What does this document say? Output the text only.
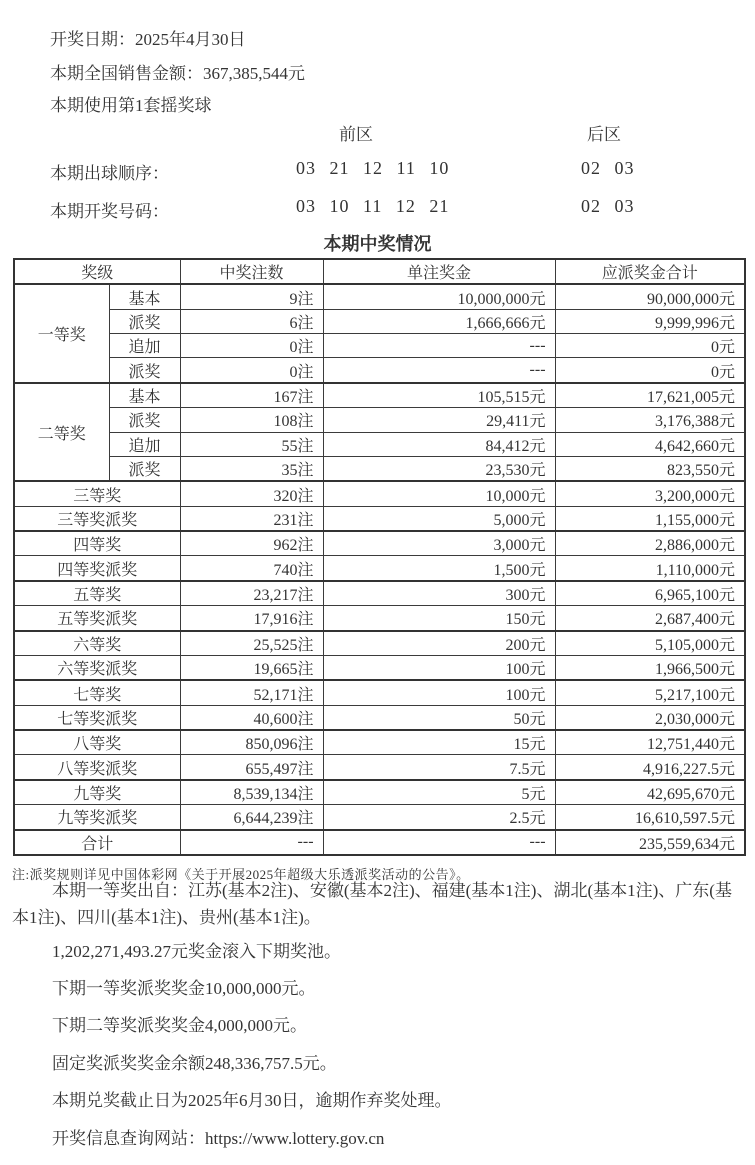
开奖日期：2025年4月30日
本期全国销售金额：367,385,544元
本期使用第1套摇奖球
前区	后区
本期出球顺序：	03 21 12 11 10	02 03
本期开奖号码：	03 10 11 12 21	02 03
本期中奖情况
奖级		中奖注数	单注奖金	应派奖金合计
一等奖	基本	9注	10,000,000元	90,000,000元
	派奖	6注	1,666,666元	9,999,996元
	追加	0注	---	0元
	派奖	0注	---	0元
二等奖	基本	167注	105,515元	17,621,005元
	派奖	108注	29,411元	3,176,388元
	追加	55注	84,412元	4,642,660元
	派奖	35注	23,530元	823,550元
三等奖		320注	10,000元	3,200,000元
三等奖派奖		231注	5,000元	1,155,000元
四等奖		962注	3,000元	2,886,000元
四等奖派奖		740注	1,500元	1,110,000元
五等奖		23,217注	300元	6,965,100元
五等奖派奖		17,916注	150元	2,687,400元
六等奖		25,525注	200元	5,105,000元
六等奖派奖		19,665注	100元	1,966,500元
七等奖		52,171注	100元	5,217,100元
七等奖派奖		40,600注	50元	2,030,000元
八等奖		850,096注	15元	12,751,440元
八等奖派奖		655,497注	7.5元	4,916,227.5元
九等奖		8,539,134注	5元	42,695,670元
九等奖派奖		6,644,239注	2.5元	16,610,597.5元
合计		---	---	235,559,634元
注:派奖规则详见中国体彩网《关于开展2025年超级大乐透派奖活动的公告》。

本期一等奖出自：江苏(基本2注)、安徽(基本2注)、福建(基本1注)、湖北(基本1注)、广东(基本1注)、四川(基本1注)、贵州(基本1注)。

1,202,271,493.27元奖金滚入下期奖池。

下期一等奖派奖奖金10,000,000元。

下期二等奖派奖奖金4,000,000元。

固定奖派奖奖金余额248,336,757.5元。

本期兑奖截止日为2025年6月30日，逾期作弃奖处理。

开奖信息查询网站：https://www.lottery.gov.cn
